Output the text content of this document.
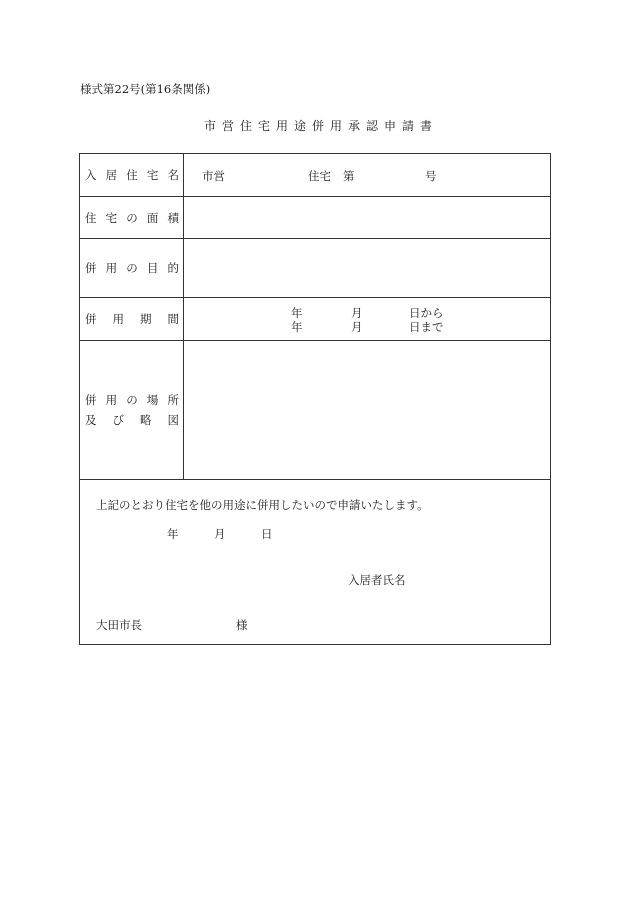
様式第22号(第16条関係)
市営住宅用途併用承認申請書
入居住宅名 市営	住宅 第	号
住宅の面積
併用の目的
併用期間	年	月	日から
年	月	日まで
併用の場所
及び略図
上記のとおり住宅を他の用途に併用したいので申請いたします。
年	月	日
入居者氏名
大田市長	様
